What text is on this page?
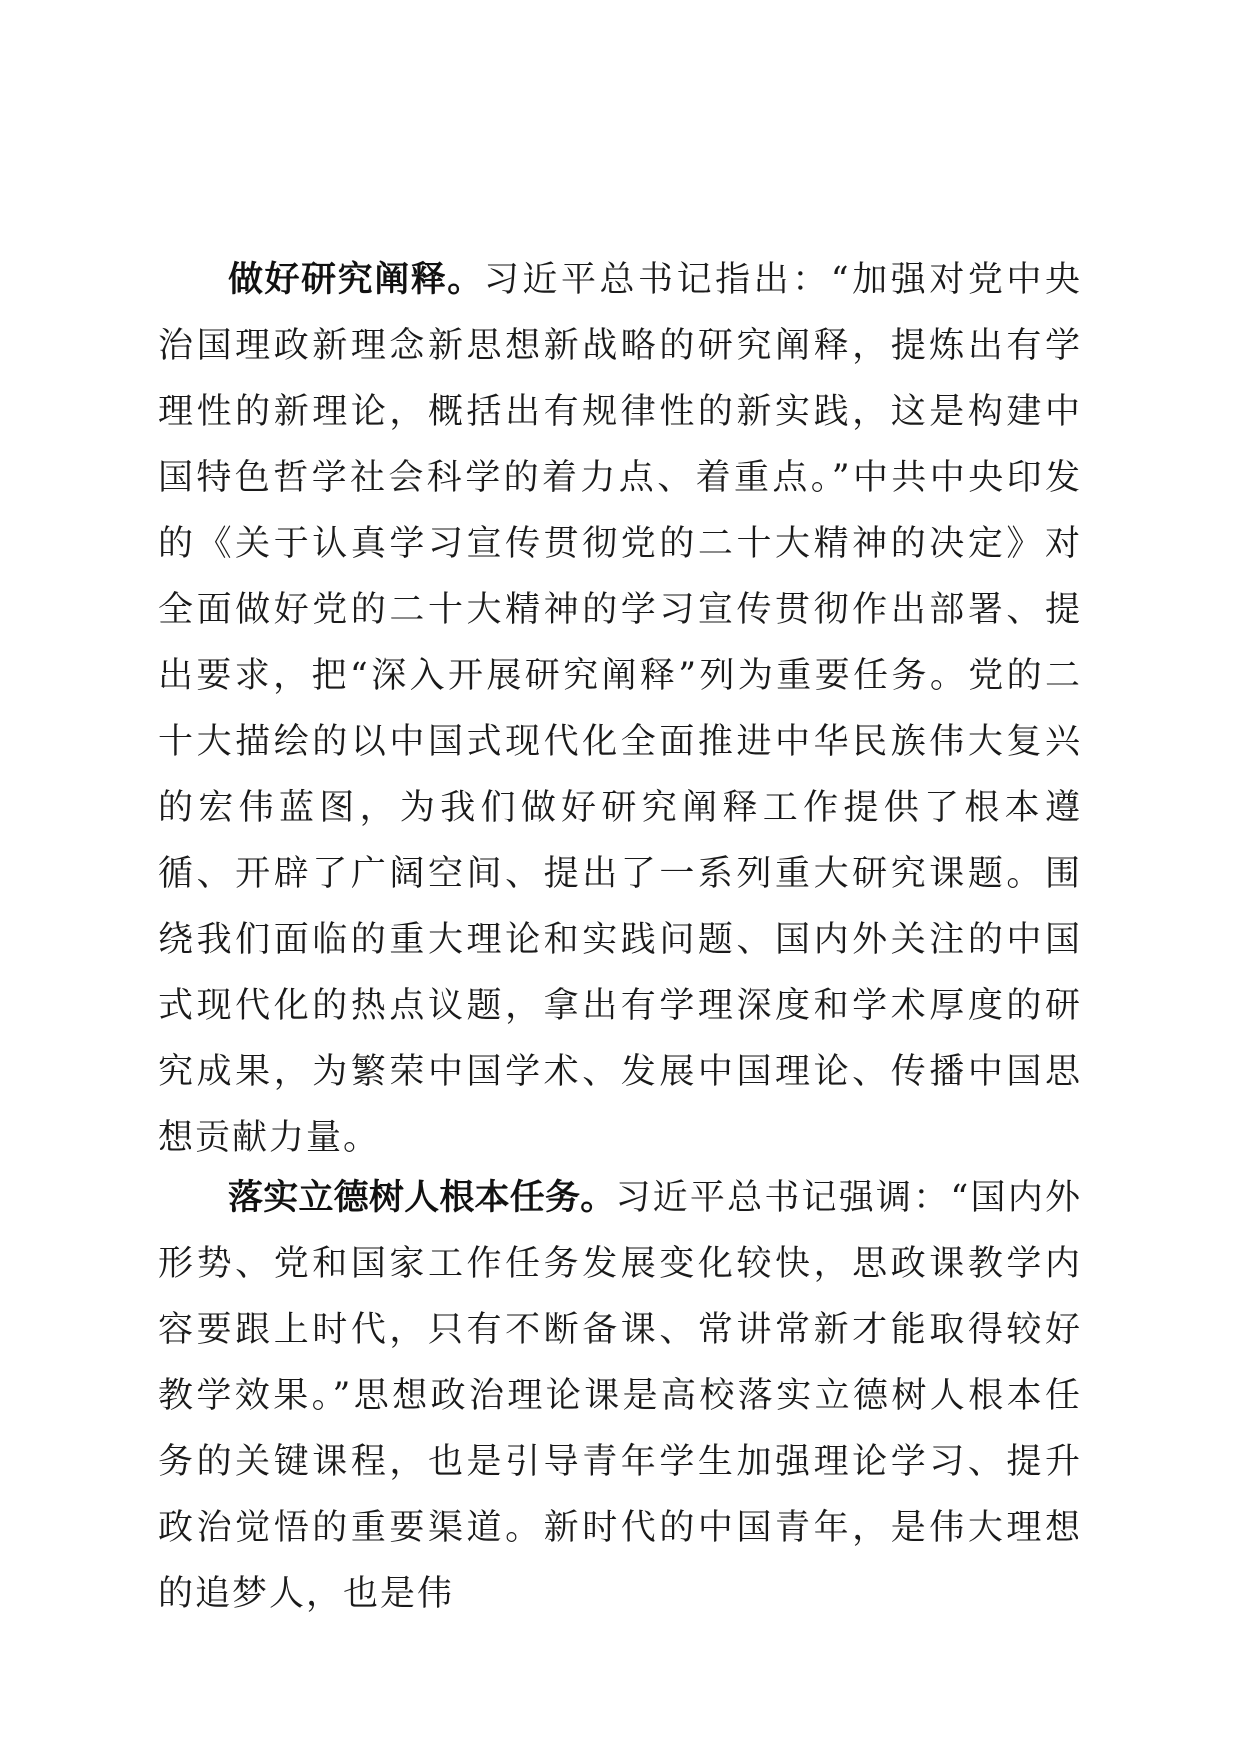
做好研究阐释。习近平总书记指出：“加强对党中央治国理政新理念新思想新战略的研究阐释，提炼出有学理性的新理论，概括出有规律性的新实践，这是构建中国特色哲学社会科学的着力点、着重点。”中共中央印发的《关于认真学习宣传贯彻党的二十大精神的决定》对全面做好党的二十大精神的学习宣传贯彻作出部署、提出要求，把“深入开展研究阐释”列为重要任务。党的二十大描绘的以中国式现代化全面推进中华民族伟大复兴的宏伟蓝图，为我们做好研究阐释工作提供了根本遵循、开辟了广阔空间、提出了一系列重大研究课题。围绕我们面临的重大理论和实践问题、国内外关注的中国式现代化的热点议题，拿出有学理深度和学术厚度的研究成果，为繁荣中国学术、发展中国理论、传播中国思想贡献力量。

落实立德树人根本任务。习近平总书记强调：“国内外形势、党和国家工作任务发展变化较快，思政课教学内容要跟上时代，只有不断备课、常讲常新才能取得较好教学效果。”思想政治理论课是高校落实立德树人根本任务的关键课程，也是引导青年学生加强理论学习、提升政治觉悟的重要渠道。新时代的中国青年，是伟大理想的追梦人，也是伟
